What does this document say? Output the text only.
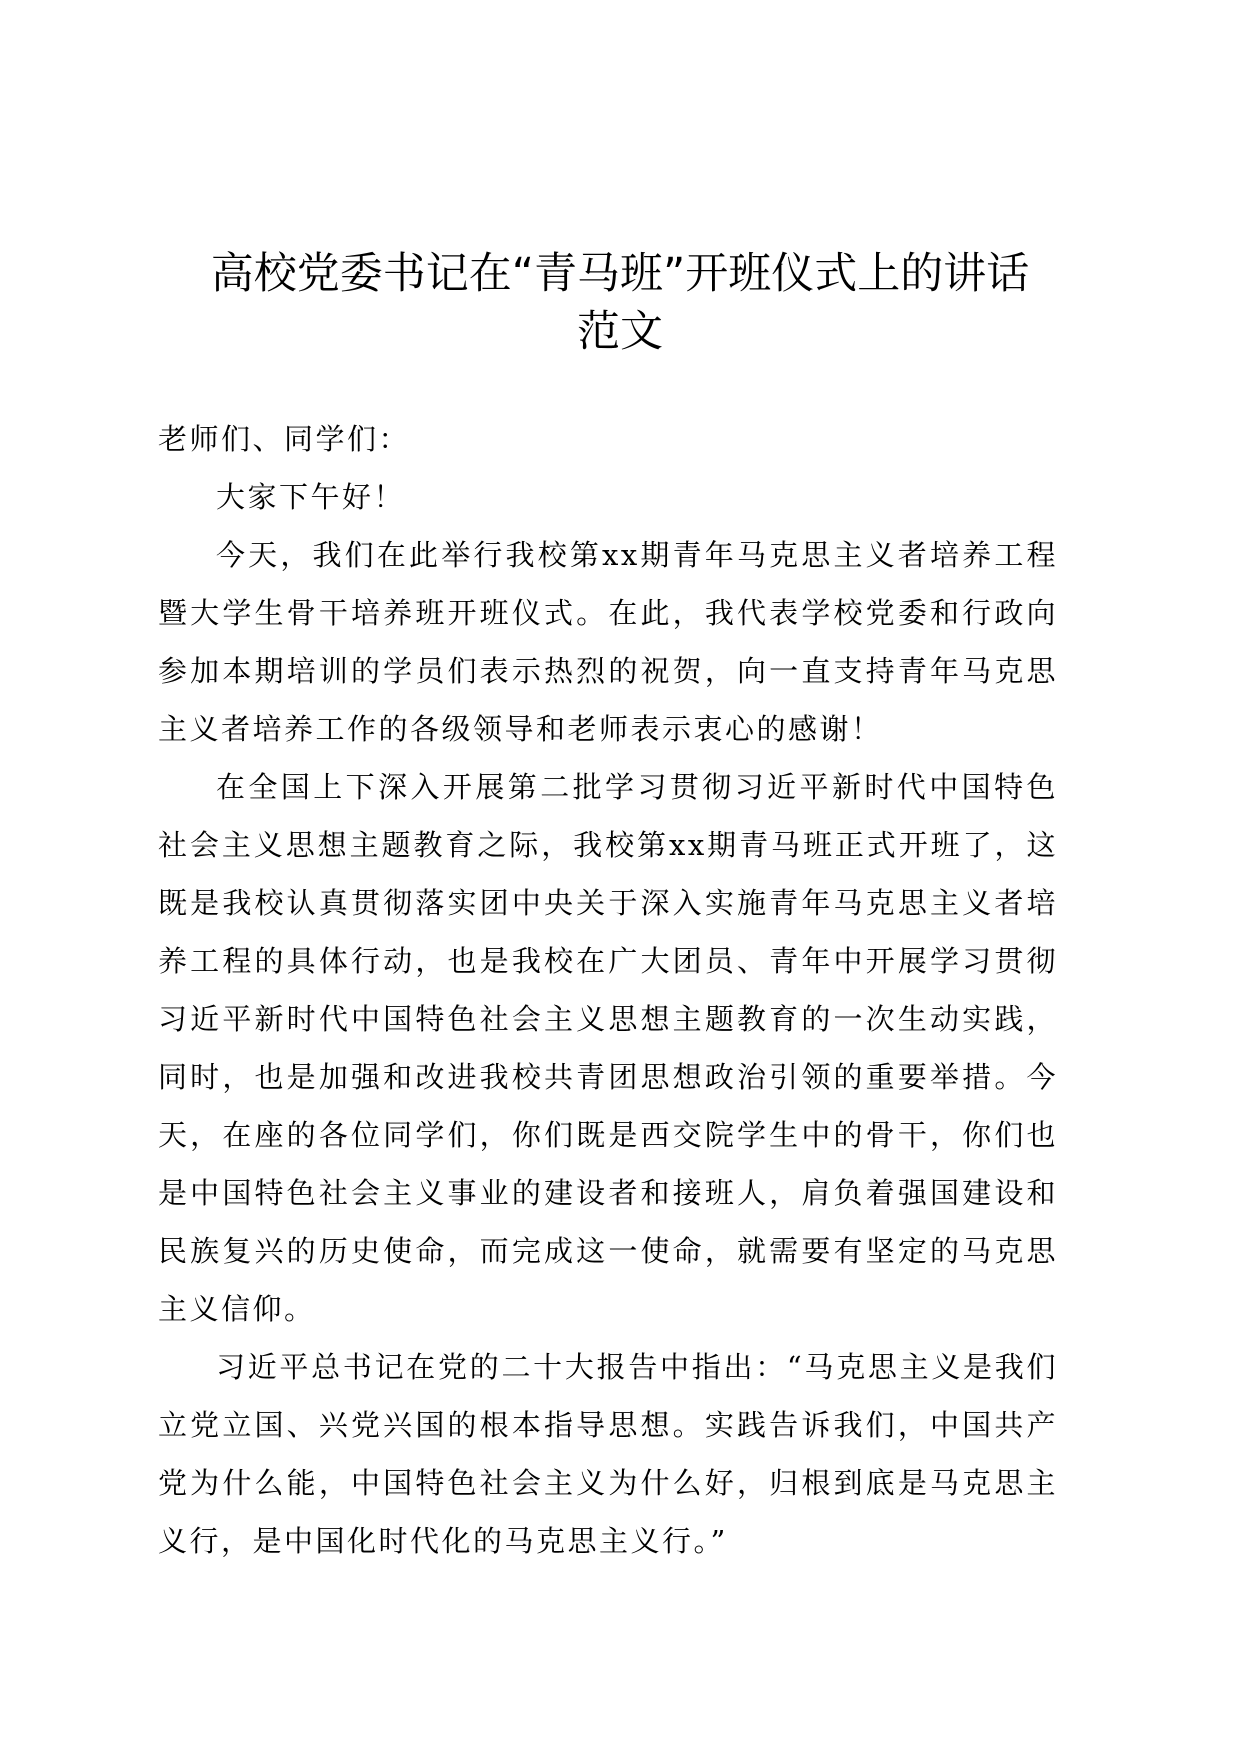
高校党委书记在“青马班”开班仪式上的讲话
范文

老师们、同学们：

大家下午好！

今天，我们在此举行我校第xx期青年马克思主义者培养工程暨大学生骨干培养班开班仪式。在此，我代表学校党委和行政向参加本期培训的学员们表示热烈的祝贺，向一直支持青年马克思主义者培养工作的各级领导和老师表示衷心的感谢！

在全国上下深入开展第二批学习贯彻习近平新时代中国特色社会主义思想主题教育之际，我校第xx期青马班正式开班了，这既是我校认真贯彻落实团中央关于深入实施青年马克思主义者培养工程的具体行动，也是我校在广大团员、青年中开展学习贯彻习近平新时代中国特色社会主义思想主题教育的一次生动实践，同时，也是加强和改进我校共青团思想政治引领的重要举措。今天，在座的各位同学们，你们既是西交院学生中的骨干，你们也是中国特色社会主义事业的建设者和接班人，肩负着强国建设和民族复兴的历史使命，而完成这一使命，就需要有坚定的马克思主义信仰。

习近平总书记在党的二十大报告中指出：“马克思主义是我们立党立国、兴党兴国的根本指导思想。实践告诉我们，中国共产党为什么能，中国特色社会主义为什么好，归根到底是马克思主义行，是中国化时代化的马克思主义行。”
